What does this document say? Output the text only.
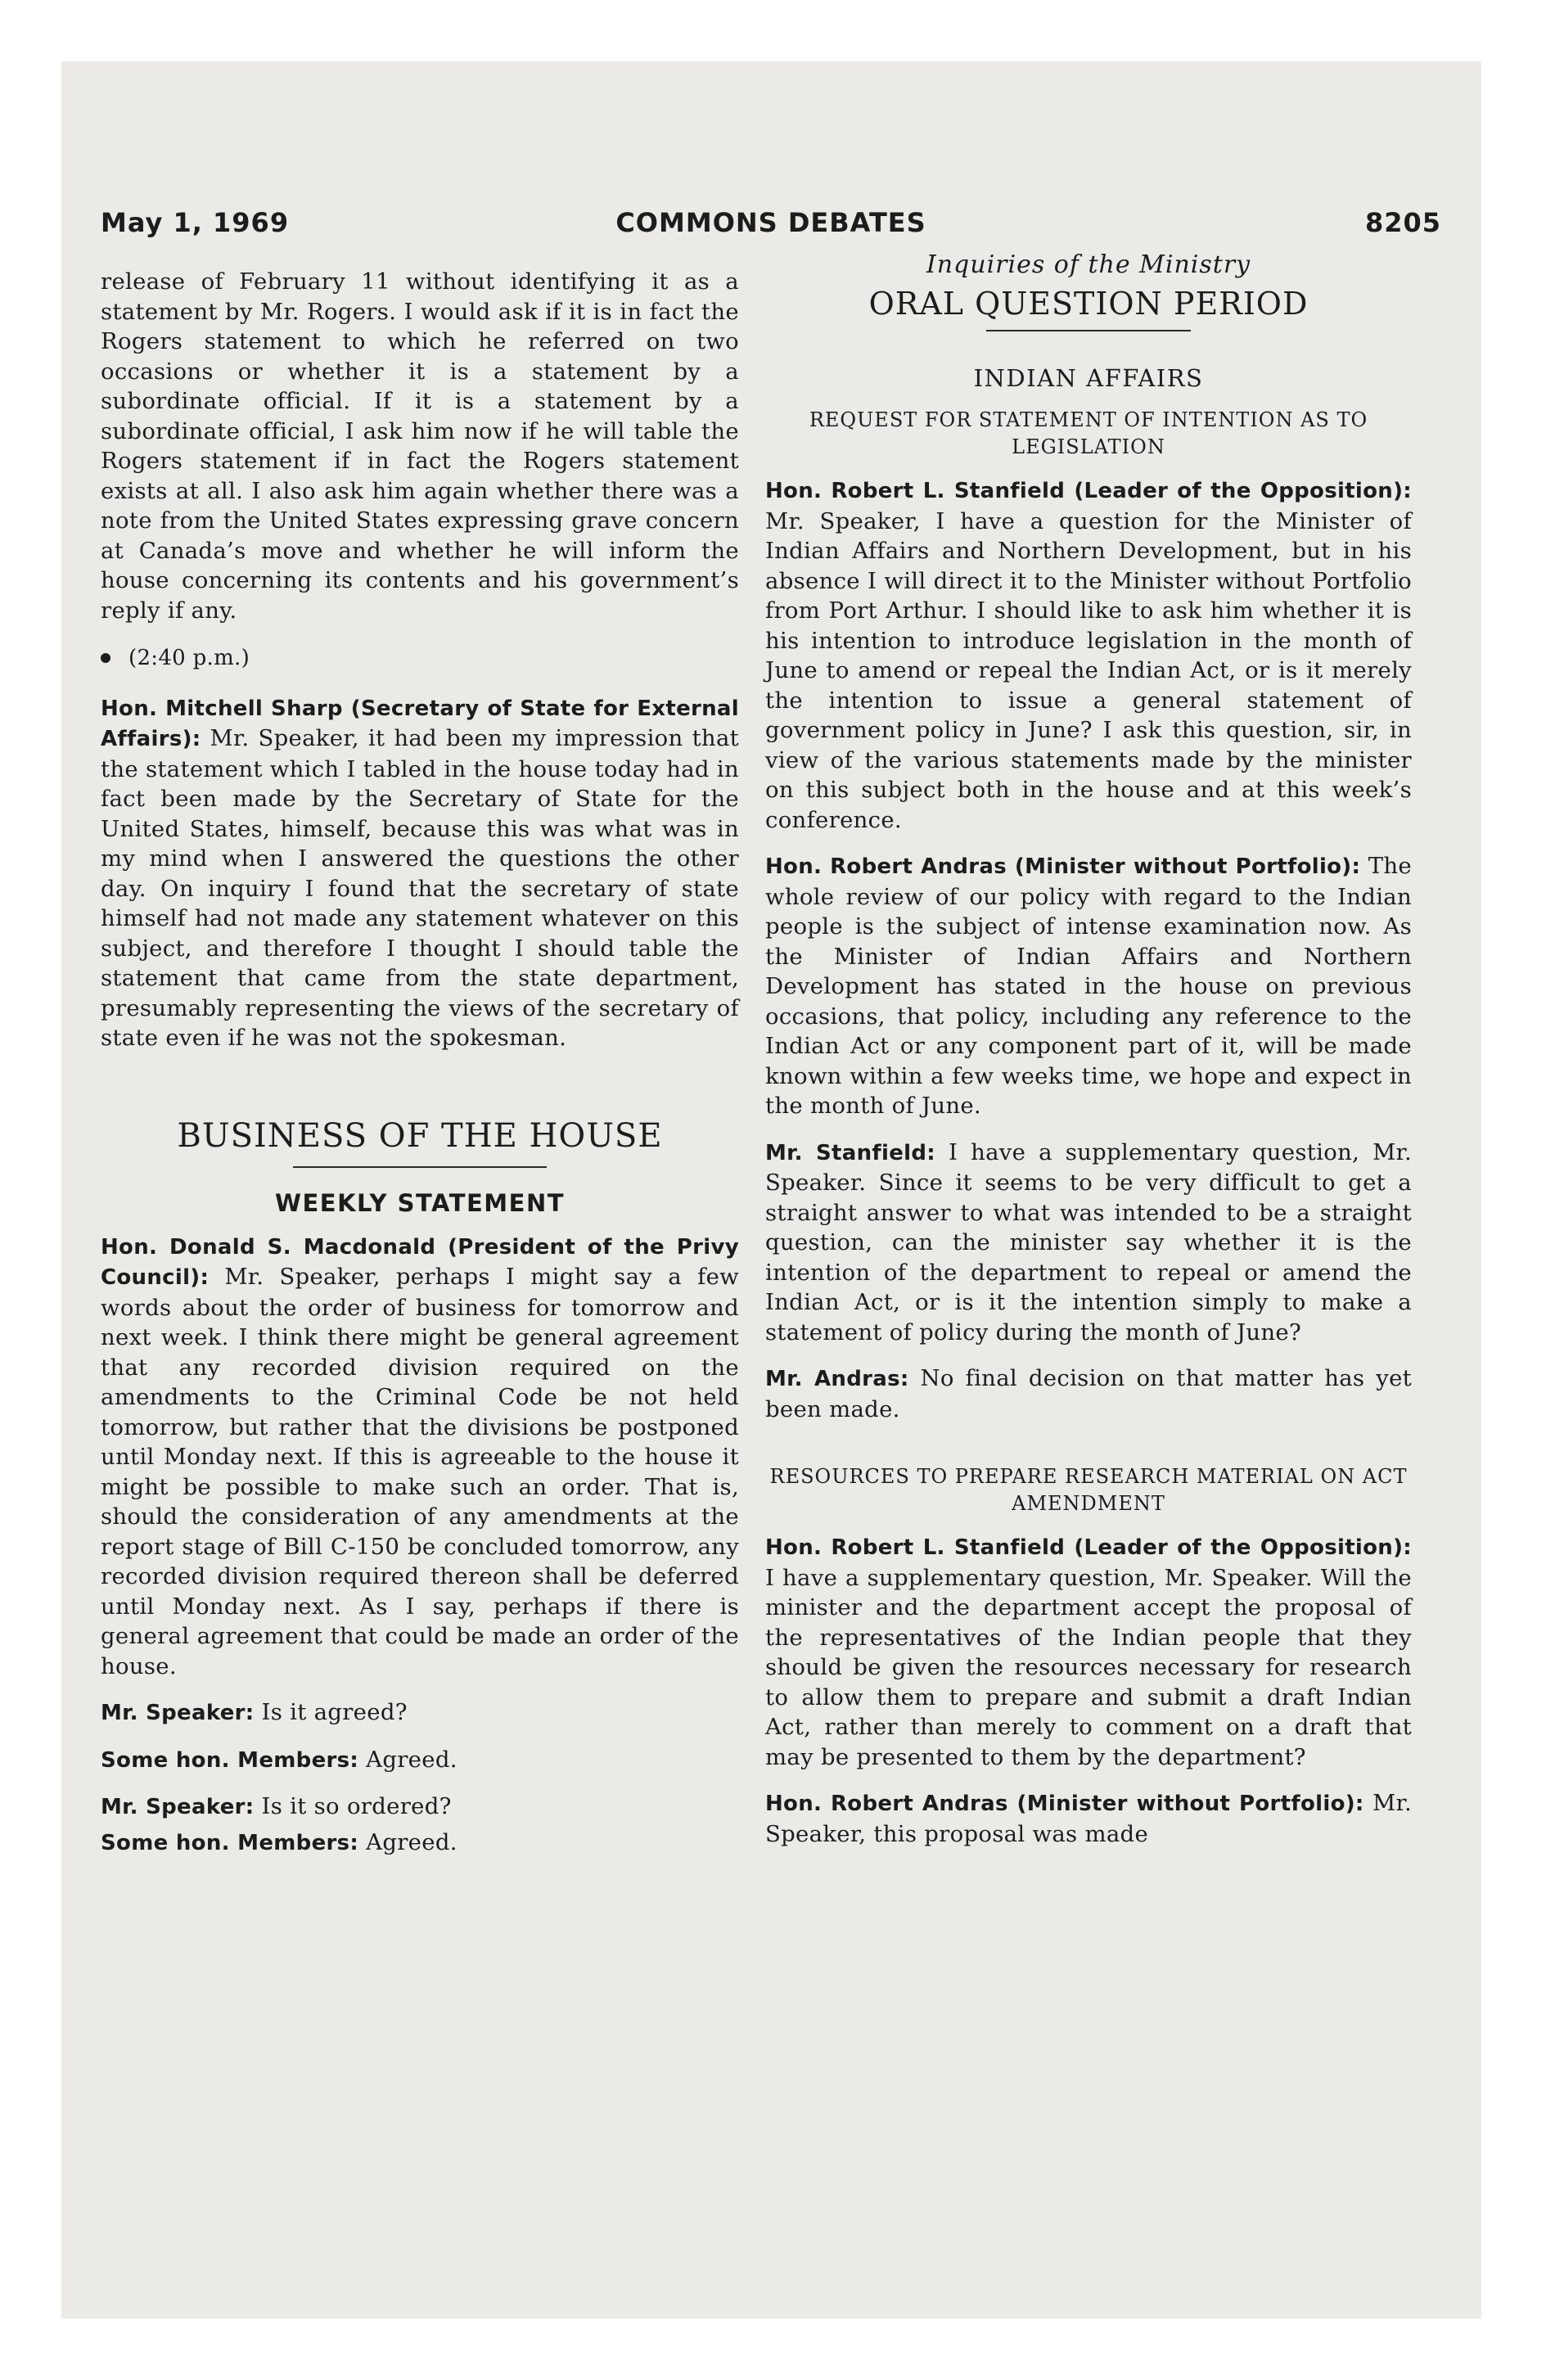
May 1, 1969	COMMONS DEBATES	8205

release of February 11 without identifying it as a statement by Mr. Rogers. I would ask if it is in fact the Rogers statement to which he referred on two occasions or whether it is a statement by a subordinate official. If it is a statement by a subordinate official, I ask him now if he will table the Rogers statement if in fact the Rogers statement exists at all. I also ask him again whether there was a note from the United States expressing grave concern at Canada’s move and whether he will inform the house concerning its contents and his government’s reply if any.

(2:40 p.m.)

Hon. Mitchell Sharp (Secretary of State for External Affairs): Mr. Speaker, it had been my impression that the statement which I tabled in the house today had in fact been made by the Secretary of State for the United States, himself, because this was what was in my mind when I answered the questions the other day. On inquiry I found that the secretary of state himself had not made any statement whatever on this subject, and therefore I thought I should table the statement that came from the state department, presumably representing the views of the secretary of state even if he was not the spokesman.

BUSINESS OF THE HOUSE
WEEKLY STATEMENT

Hon. Donald S. Macdonald (President of the Privy Council): Mr. Speaker, perhaps I might say a few words about the order of business for tomorrow and next week. I think there might be general agreement that any recorded division required on the amendments to the Criminal Code be not held tomorrow, but rather that the divisions be postponed until Monday next. If this is agreeable to the house it might be possible to make such an order. That is, should the consideration of any amendments at the report stage of Bill C-150 be concluded tomorrow, any recorded division required thereon shall be deferred until Monday next. As I say, perhaps if there is general agreement that could be made an order of the house.

Mr. Speaker: Is it agreed?

Some hon. Members: Agreed.

Mr. Speaker: Is it so ordered?

Some hon. Members: Agreed.

Inquiries of the Ministry
ORAL QUESTION PERIOD
INDIAN AFFAIRS
REQUEST FOR STATEMENT OF INTENTION AS TO LEGISLATION

Hon. Robert L. Stanfield (Leader of the Opposition): Mr. Speaker, I have a question for the Minister of Indian Affairs and Northern Development, but in his absence I will direct it to the Minister without Portfolio from Port Arthur. I should like to ask him whether it is his intention to introduce legislation in the month of June to amend or repeal the Indian Act, or is it merely the intention to issue a general statement of government policy in June? I ask this question, sir, in view of the various statements made by the minister on this subject both in the house and at this week’s conference.

Hon. Robert Andras (Minister without Portfolio): The whole review of our policy with regard to the Indian people is the subject of intense examination now. As the Minister of Indian Affairs and Northern Development has stated in the house on previous occasions, that policy, including any reference to the Indian Act or any component part of it, will be made known within a few weeks time, we hope and expect in the month of June.

Mr. Stanfield: I have a supplementary question, Mr. Speaker. Since it seems to be very difficult to get a straight answer to what was intended to be a straight question, can the minister say whether it is the intention of the department to repeal or amend the Indian Act, or is it the intention simply to make a statement of policy during the month of June?

Mr. Andras: No final decision on that matter has yet been made.

RESOURCES TO PREPARE RESEARCH MATERIAL ON ACT AMENDMENT

Hon. Robert L. Stanfield (Leader of the Opposition): I have a supplementary question, Mr. Speaker. Will the minister and the department accept the proposal of the representatives of the Indian people that they should be given the resources necessary for research to allow them to prepare and submit a draft Indian Act, rather than merely to comment on a draft that may be presented to them by the department?

Hon. Robert Andras (Minister without Portfolio): Mr. Speaker, this proposal was made
